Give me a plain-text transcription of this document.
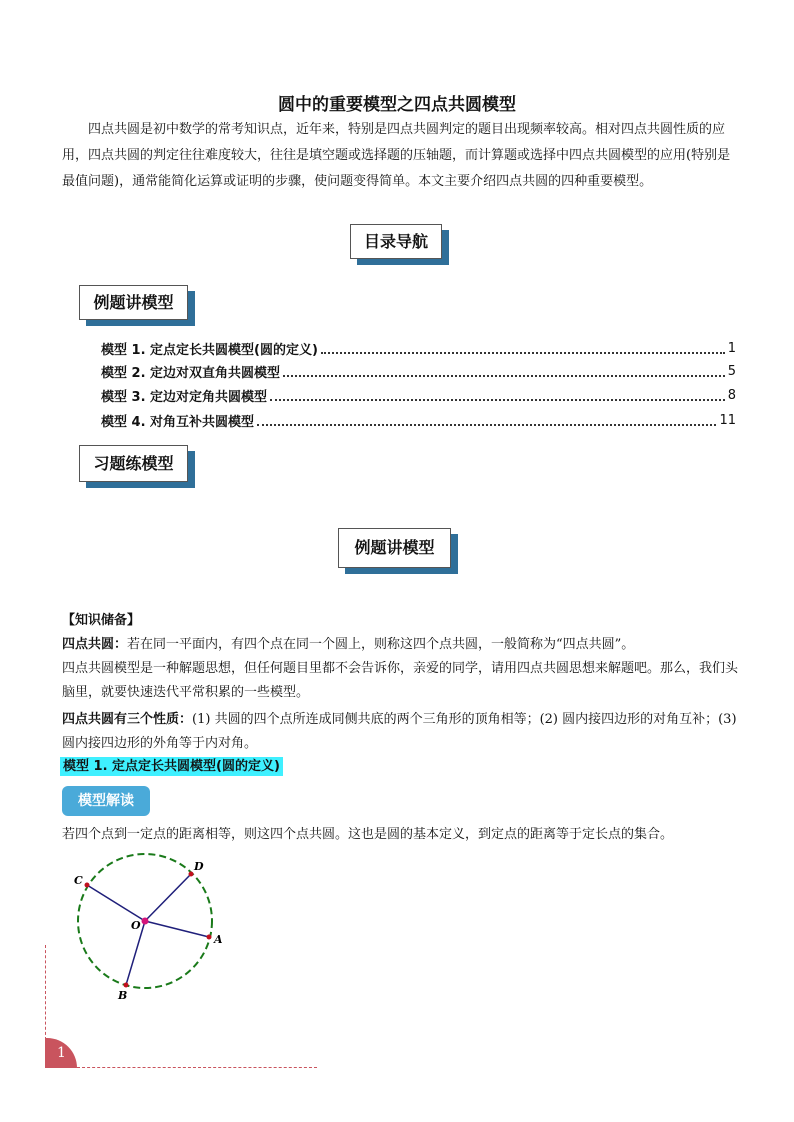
圆中的重要模型之四点共圆模型
四点共圆是初中数学的常考知识点，近年来，特别是四点共圆判定的题目出现频率较高。相对四点共圆性质的应用，四点共圆的判定往往难度较大，往往是填空题或选择题的压轴题，而计算题或选择中四点共圆模型的应用(特别是最值问题)，通常能简化运算或证明的步骤，使问题变得简单。本文主要介绍四点共圆的四种重要模型。
目录导航
例题讲模型
模型 1. 定点定长共圆模型(圆的定义)	1
模型 2. 定边对双直角共圆模型	5
模型 3. 定边对定角共圆模型	8
模型 4. 对角互补共圆模型	11
习题练模型
例题讲模型
【知识储备】
四点共圆：若在同一平面内，有四个点在同一个圆上，则称这四个点共圆，一般简称为“四点共圆”。
四点共圆模型是一种解题思想，但任何题目里都不会告诉你，亲爱的同学，请用四点共圆思想来解题吧。那么，我们头脑里，就要快速迭代平常积累的一些模型。
四点共圆有三个性质：(1) 共圆的四个点所连成同侧共底的两个三角形的顶角相等；(2) 圆内接四边形的对角互补；(3) 圆内接四边形的外角等于内对角。
模型 1. 定点定长共圆模型(圆的定义)
模型解读
若四个点到一定点的距离相等，则这四个点共圆。这也是圆的基本定义，到定点的距离等于定长点的集合。
C
D
O
A
B
1
